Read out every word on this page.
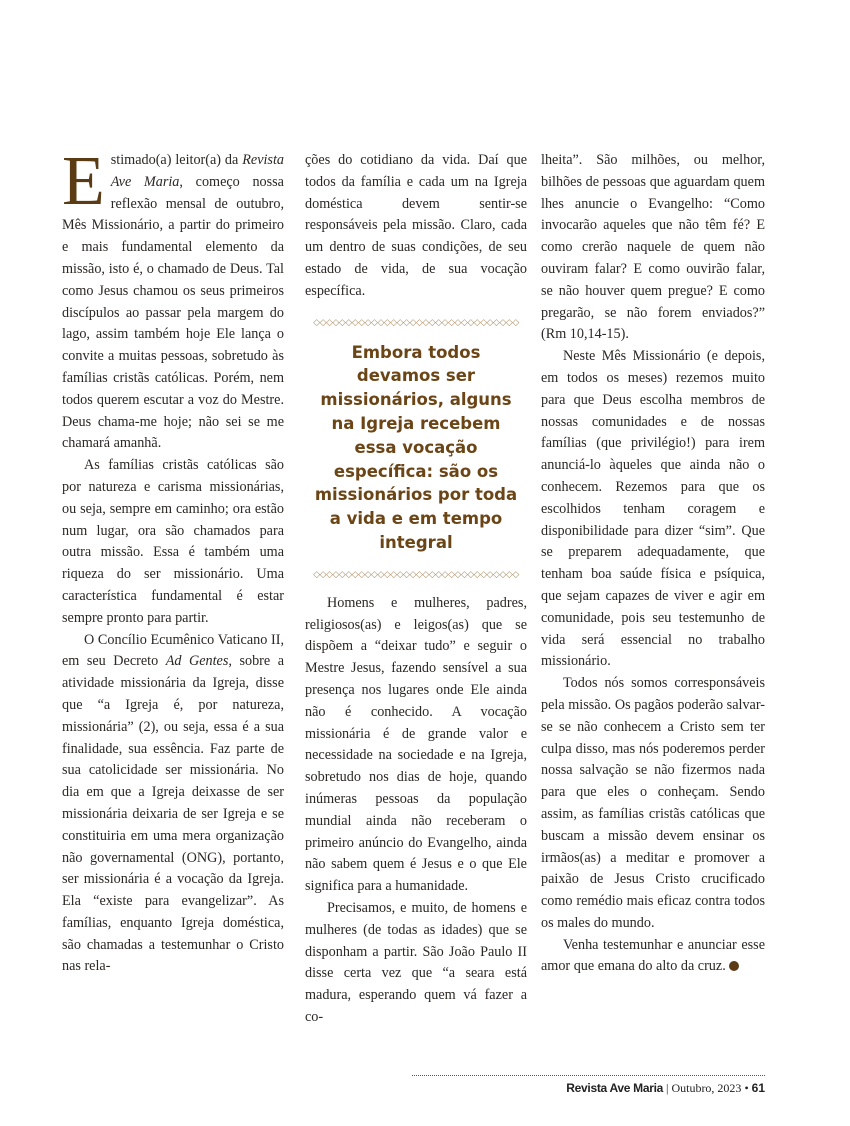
Estimado(a) leitor(a) da Revista Ave Maria, começo nossa reflexão mensal de outubro, Mês Missionário, a partir do primeiro e mais fundamental elemento da missão, isto é, o chamado de Deus. Tal como Jesus chamou os seus primeiros discípulos ao passar pela margem do lago, assim também hoje Ele lança o convite a muitas pessoas, sobretudo às famílias cristãs católicas. Porém, nem todos querem escutar a voz do Mestre. Deus chama-me hoje; não sei se me chamará amanhã.

As famílias cristãs católicas são por natureza e carisma missionárias, ou seja, sempre em caminho; ora estão num lugar, ora são chamados para outra missão. Essa é também uma riqueza do ser missionário. Uma característica fundamental é estar sempre pronto para partir.

O Concílio Ecumênico Vaticano II, em seu Decreto Ad Gentes, sobre a atividade missionária da Igreja, disse que “a Igreja é, por natureza, missionária” (2), ou seja, essa é a sua finalidade, sua essência. Faz parte de sua catolicidade ser missionária. No dia em que a Igreja deixasse de ser missionária deixaria de ser Igreja e se constituiria em uma mera organização não governamental (ONG), portanto, ser missionária é a vocação da Igreja. Ela “existe para evangelizar”. As famílias, enquanto Igreja doméstica, são chamadas a testemunhar o Cristo nas rela-

ções do cotidiano da vida. Daí que todos da família e cada um na Igreja doméstica devem sentir-se responsáveis pela missão. Claro, cada um dentro de suas condições, de seu estado de vida, de sua vocação específica.

◇◇◇◇◇◇◇◇◇◇◇◇◇◇◇◇◇◇◇◇◇◇◇◇◇◇◇◇◇◇◇◇
Embora todos devamos ser missionários, alguns na Igreja recebem essa vocação específica: são os missionários por toda a vida e em tempo integral
◇◇◇◇◇◇◇◇◇◇◇◇◇◇◇◇◇◇◇◇◇◇◇◇◇◇◇◇◇◇◇◇

Homens e mulheres, padres, religiosos(as) e leigos(as) que se dispõem a “deixar tudo” e seguir o Mestre Jesus, fazendo sensível a sua presença nos lugares onde Ele ainda não é conhecido. A vocação missionária é de grande valor e necessidade na sociedade e na Igreja, sobretudo nos dias de hoje, quando inúmeras pessoas da população mundial ainda não receberam o primeiro anúncio do Evangelho, ainda não sabem quem é Jesus e o que Ele significa para a humanidade.

Precisamos, e muito, de homens e mulheres (de todas as idades) que se disponham a partir. São João Paulo II disse certa vez que “a seara está madura, esperando quem vá fazer a co-

lheita”. São milhões, ou melhor, bilhões de pessoas que aguardam quem lhes anuncie o Evangelho: “Como invocarão aqueles que não têm fé? E como crerão naquele de quem não ouviram falar? E como ouvirão falar, se não houver quem pregue? E como pregarão, se não forem enviados?” (Rm 10,14-15).

Neste Mês Missionário (e depois, em todos os meses) rezemos muito para que Deus escolha membros de nossas comunidades e de nossas famílias (que privilégio!) para irem anunciá-lo àqueles que ainda não o conhecem. Rezemos para que os escolhidos tenham coragem e disponibilidade para dizer “sim”. Que se preparem adequadamente, que tenham boa saúde física e psíquica, que sejam capazes de viver e agir em comunidade, pois seu testemunho de vida será essencial no trabalho missionário.

Todos nós somos corresponsáveis pela missão. Os pagãos poderão salvar-se se não conhecem a Cristo sem ter culpa disso, mas nós poderemos perder nossa salvação se não fizermos nada para que eles o conheçam. Sendo assim, as famílias cristãs católicas que buscam a missão devem ensinar os irmãos(as) a meditar e promover a paixão de Jesus Cristo crucificado como remédio mais eficaz contra todos os males do mundo.

Venha testemunhar e anunciar esse amor que emana do alto da cruz.

Revista Ave Maria | Outubro, 2023 • 61
